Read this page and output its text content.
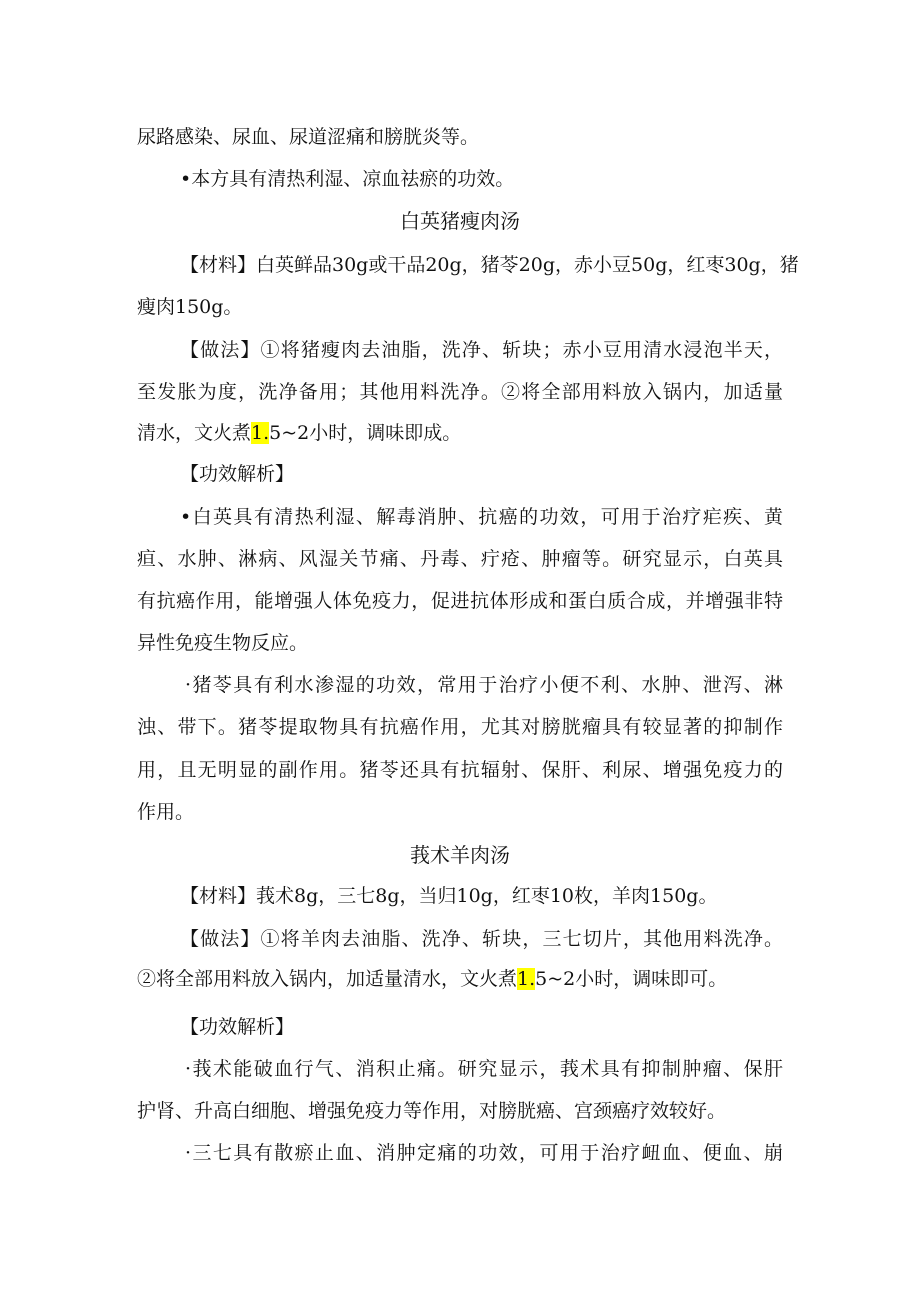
尿路感染、尿血、尿道涩痛和膀胱炎等。
•本方具有清热利湿、凉血祛瘀的功效。
白英猪瘦肉汤
【材料】白英鲜品30g或干品20g，猪苓20g，赤小豆50g，红枣30g，猪
瘦肉150g。
【做法】①将猪瘦肉去油脂，洗净、斩块；赤小豆用清水浸泡半天，
至发胀为度，洗净备用；其他用料洗净。②将全部用料放入锅内，加适量
清水，文火煮1.5~2小时，调味即成。
【功效解析】
•白英具有清热利湿、解毒消肿、抗癌的功效，可用于治疗疟疾、黄
疸、水肿、淋病、风湿关节痛、丹毒、疔疮、肿瘤等。研究显示，白英具
有抗癌作用，能增强人体免疫力，促进抗体形成和蛋白质合成，并增强非特
异性免疫生物反应。
·猪苓具有利水渗湿的功效，常用于治疗小便不利、水肿、泄泻、淋
浊、带下。猪苓提取物具有抗癌作用，尤其对膀胱瘤具有较显著的抑制作
用，且无明显的副作用。猪苓还具有抗辐射、保肝、利尿、增强免疫力的
作用。
莪术羊肉汤
【材料】莪术8g，三七8g，当归10g，红枣10枚，羊肉150g。
【做法】①将羊肉去油脂、洗净、斩块，三七切片，其他用料洗净。
②将全部用料放入锅内，加适量清水，文火煮1.5~2小时，调味即可。
【功效解析】
·莪术能破血行气、消积止痛。研究显示，莪术具有抑制肿瘤、保肝
护肾、升高白细胞、增强免疫力等作用，对膀胱癌、宫颈癌疗效较好。
·三七具有散瘀止血、消肿定痛的功效，可用于治疗衄血、便血、崩
